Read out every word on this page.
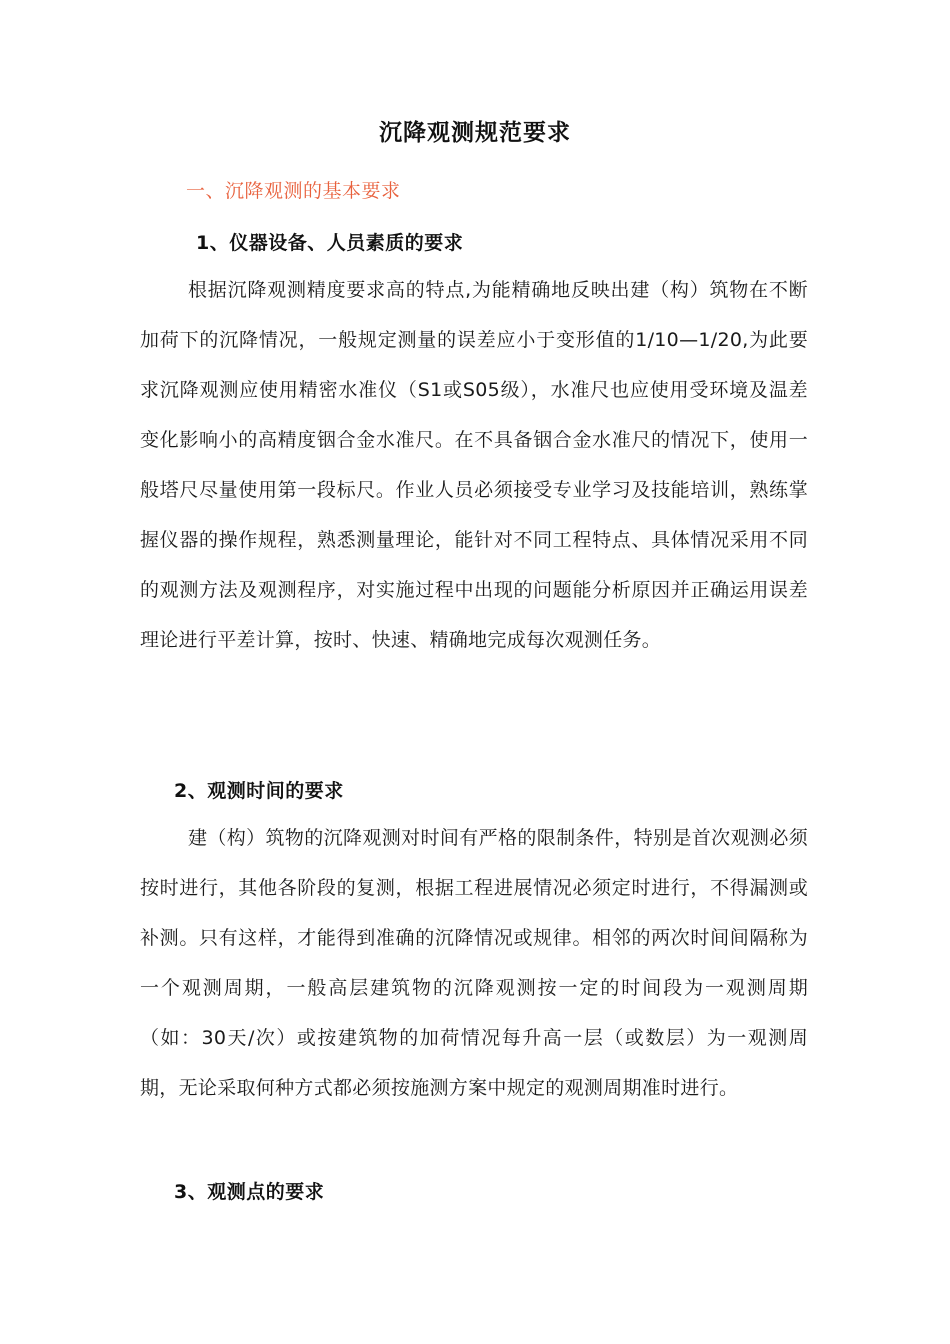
沉降观测规范要求
一、沉降观测的基本要求
1、仪器设备、人员素质的要求

根据沉降观测精度要求高的特点,为能精确地反映出建（构）筑物在不断加荷下的沉降情况，一般规定测量的误差应小于变形值的1/10—1/20,为此要求沉降观测应使用精密水准仪（S1或S05级），水准尺也应使用受环境及温差变化影响小的高精度铟合金水准尺。在不具备铟合金水准尺的情况下，使用一般塔尺尽量使用第一段标尺。作业人员必须接受专业学习及技能培训，熟练掌握仪器的操作规程，熟悉测量理论，能针对不同工程特点、具体情况采用不同的观测方法及观测程序，对实施过程中出现的问题能分析原因并正确运用误差理论进行平差计算，按时、快速、精确地完成每次观测任务。

2、观测时间的要求

建（构）筑物的沉降观测对时间有严格的限制条件，特别是首次观测必须按时进行，其他各阶段的复测，根据工程进展情况必须定时进行，不得漏测或补测。只有这样，才能得到准确的沉降情况或规律。相邻的两次时间间隔称为一个观测周期，一般高层建筑物的沉降观测按一定的时间段为一观测周期（如：30天/次）或按建筑物的加荷情况每升高一层（或数层）为一观测周期，无论采取何种方式都必须按施测方案中规定的观测周期准时进行。

3、观测点的要求
